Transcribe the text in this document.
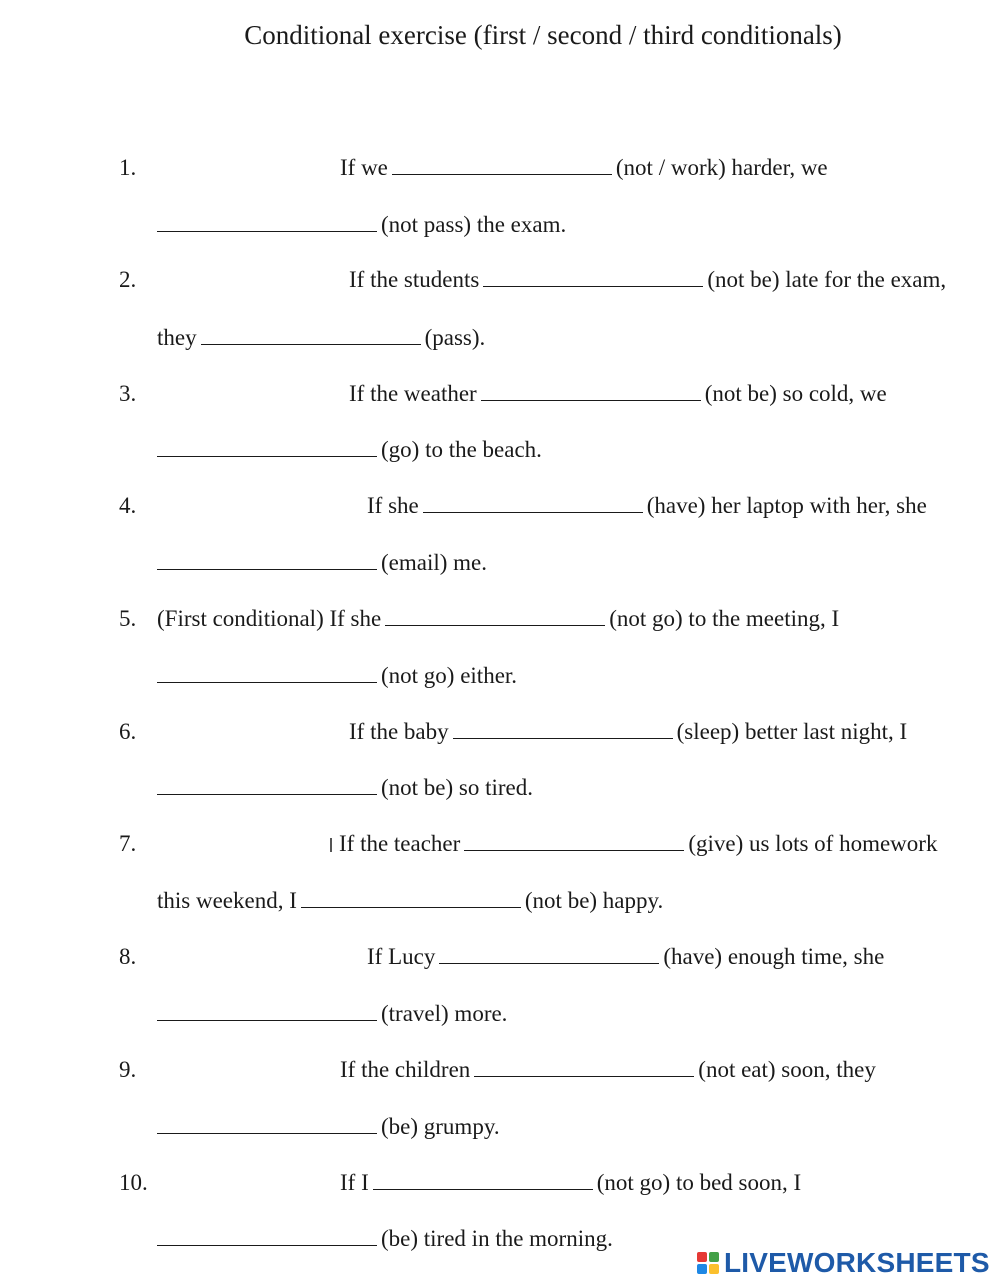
Conditional exercise (first / second / third conditionals)
1.	If we	(not / work) harder, we
(not pass) the exam.
2.	If the students	(not be) late for the exam,
they	(pass).
3.	If the weather	(not be) so cold, we
(go) to the beach.
4.	If she	(have) her laptop with her, she
(email) me.
5. (First conditional) If she	(not go) to the meeting, I
(not go) either.
6.	If the baby	(sleep) better last night, I
(not be) so tired.
7.	If the teacher	(give) us lots of homework
this weekend, I	(not be) happy.
8.	If Lucy	(have) enough time, she
(travel) more.
9.	If the children	(not eat) soon, they
(be) grumpy.
10.	If I	(not go) to bed soon, I
(be) tired in the morning.
LIVEWORKSHEETS
